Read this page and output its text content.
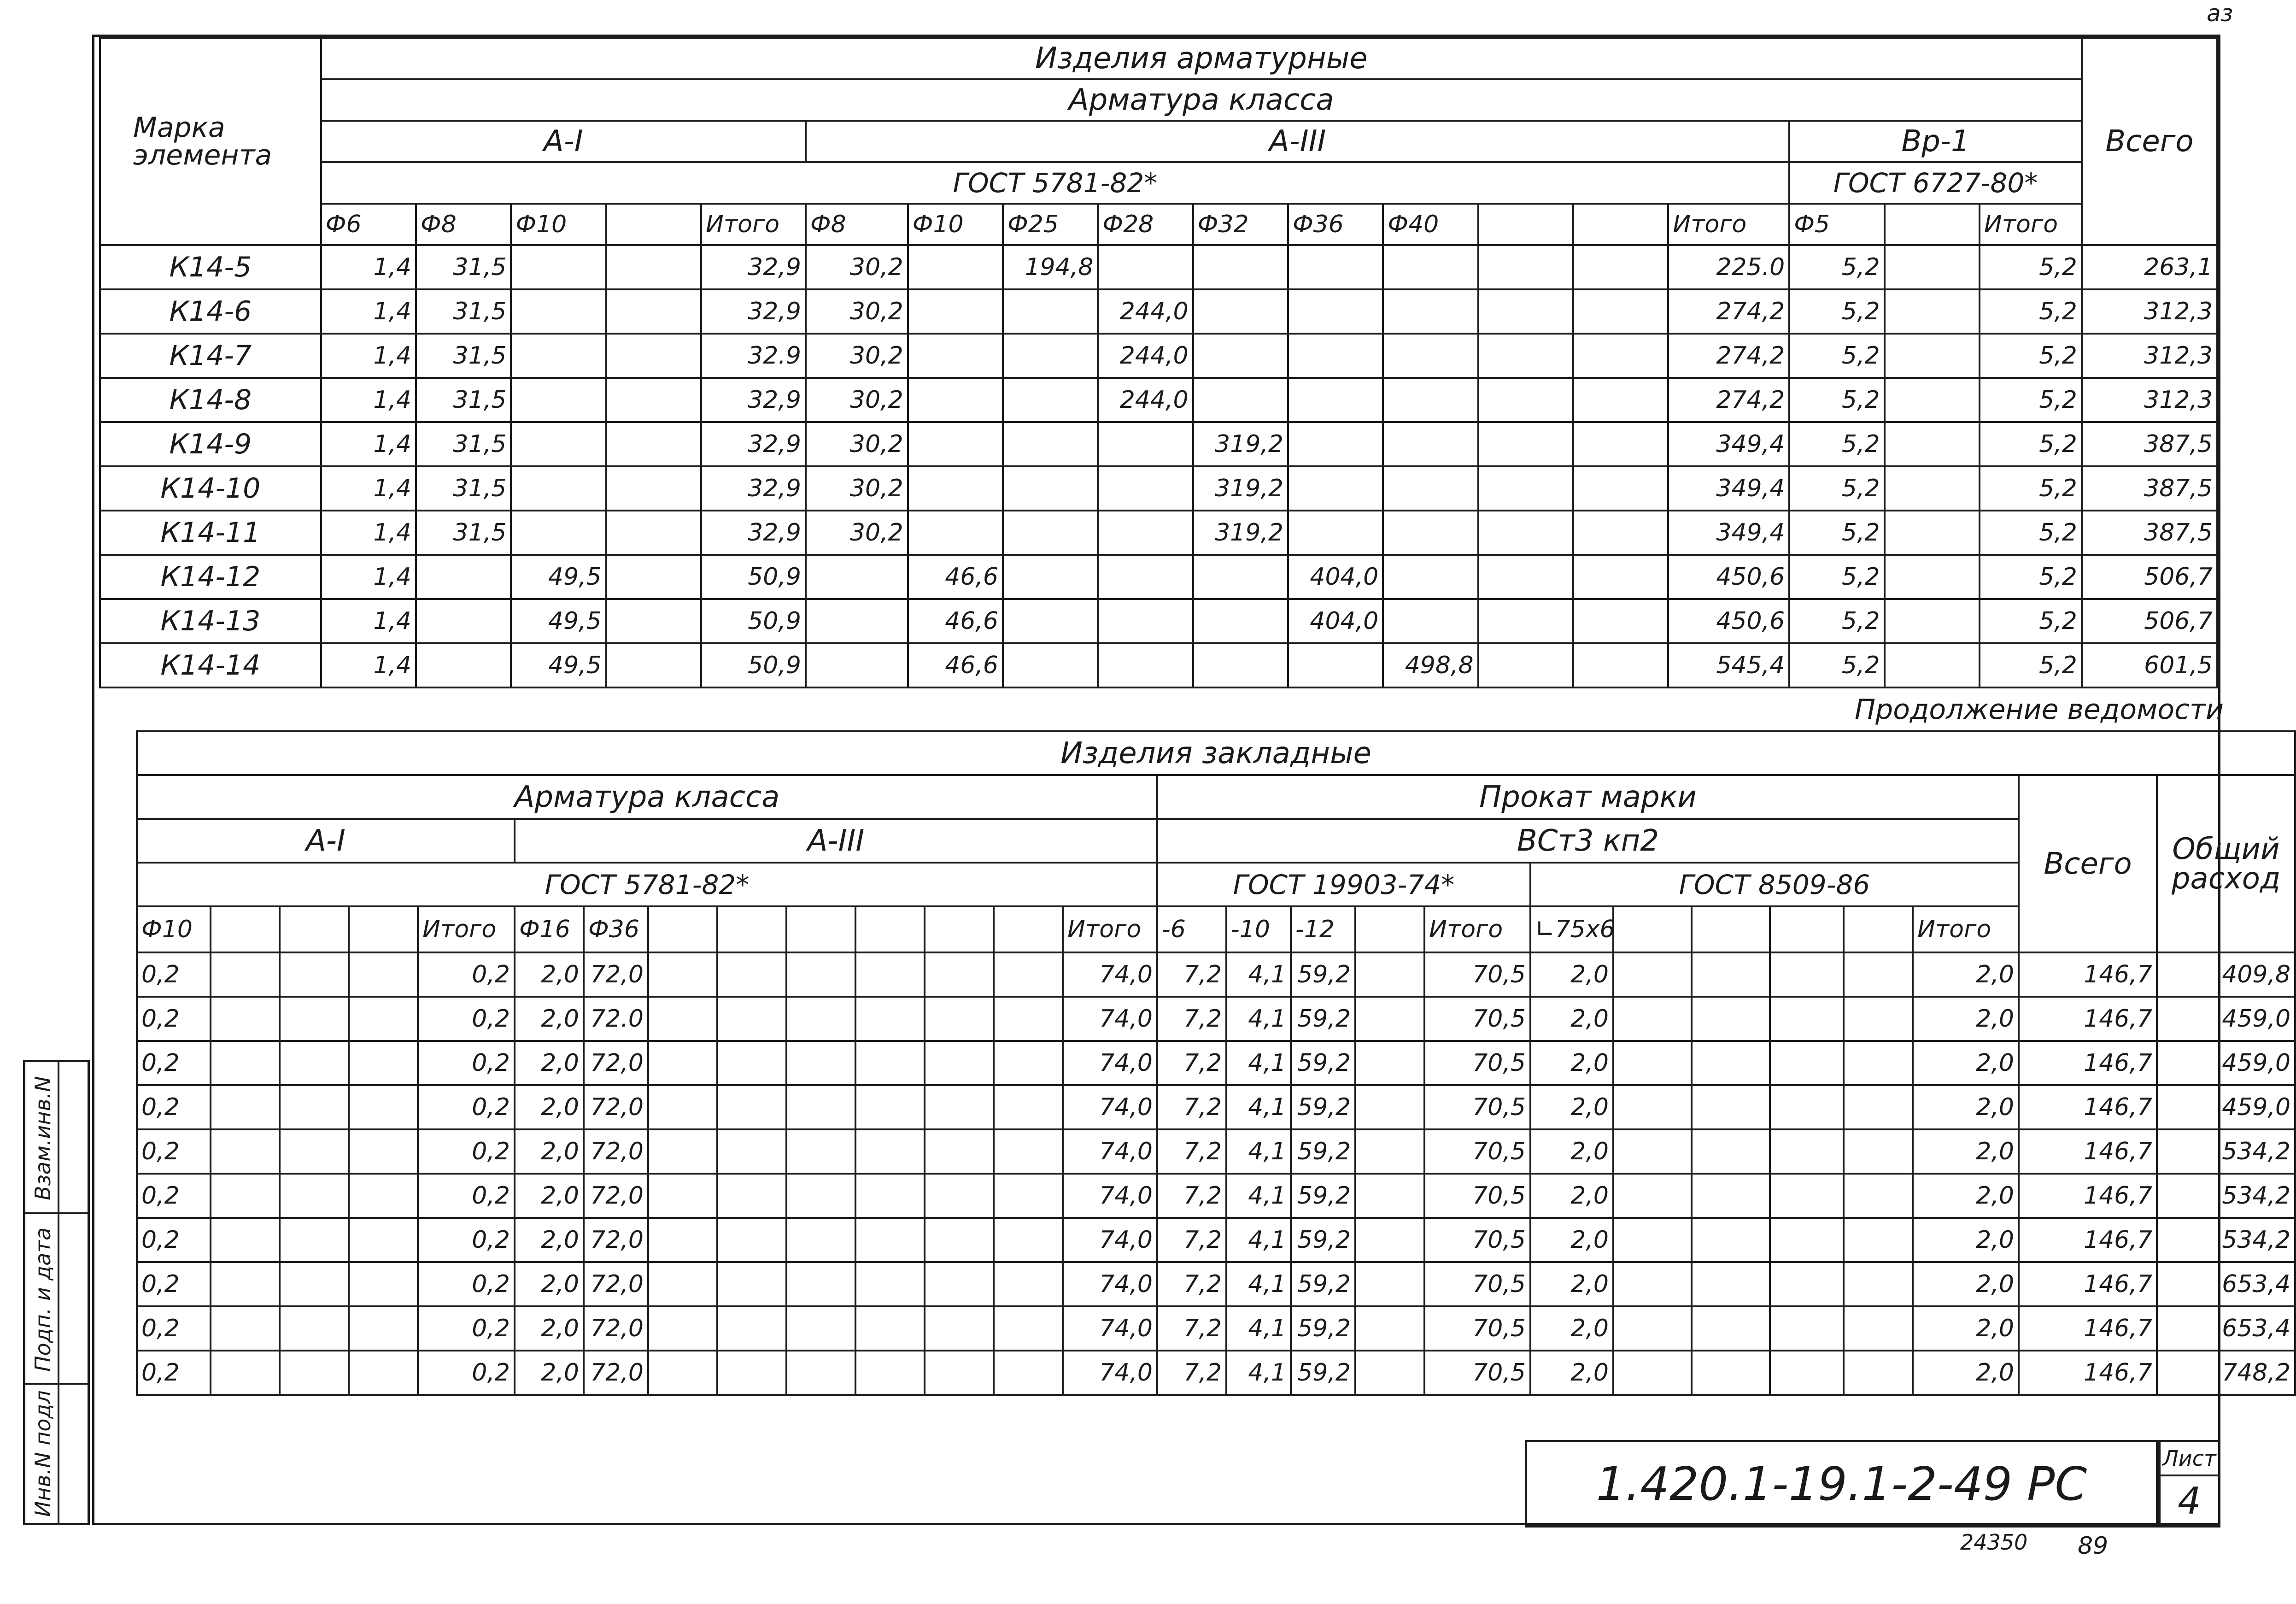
аз
Марка элемента	Изделия арматурные																		Всего
	Арматура класса																		
	А-I					А-III										Вр-1			
	ГОСТ 5781-82*															ГОСТ 6727-80*			
	Ф6	Ф8	Ф10		Итого	Ф8	Ф10	Ф25	Ф28	Ф32	Ф36	Ф40			Итого	Ф5		Итого	
К14-5	1,4	31,5			32,9	30,2		194,8							225.0	5,2		5,2	263,1
К14-6	1,4	31,5			32,9	30,2			244,0						274,2	5,2		5,2	312,3
К14-7	1,4	31,5			32.9	30,2			244,0						274,2	5,2		5,2	312,3
К14-8	1,4	31,5			32,9	30,2			244,0						274,2	5,2		5,2	312,3
К14-9	1,4	31,5			32,9	30,2				319,2					349,4	5,2		5,2	387,5
К14-10	1,4	31,5			32,9	30,2				319,2					349,4	5,2		5,2	387,5
К14-11	1,4	31,5			32,9	30,2				319,2					349,4	5,2		5,2	387,5
К14-12	1,4		49,5		50,9		46,6				404,0				450,6	5,2		5,2	506,7
К14-13	1,4		49,5		50,9		46,6				404,0				450,6	5,2		5,2	506,7
К14-14	1,4		49,5		50,9		46,6					498,8			545,4	5,2		5,2	601,5
Продолжение ведомости
Изделия закладные																										
Арматура класса														Прокат марки											Всего	Общий расход
А-I					А-III									ВСт3 кп2												
ГОСТ 5781-82*														ГОСТ 19903-74*					ГОСТ 8509-86							
Ф10				Итого	Ф16	Ф36							Итого	-6	-10	-12		Итого	∟75х6					Итого		
0,2				0,2	2,0	72,0							74,0	7,2	4,1	59,2		70,5	2,0					2,0	146,7	409,8
0,2				0,2	2,0	72.0							74,0	7,2	4,1	59,2		70,5	2,0					2,0	146,7	459,0
0,2				0,2	2,0	72,0							74,0	7,2	4,1	59,2		70,5	2,0					2,0	146,7	459,0
0,2				0,2	2,0	72,0							74,0	7,2	4,1	59,2		70,5	2,0					2,0	146,7	459,0
0,2				0,2	2,0	72,0							74,0	7,2	4,1	59,2		70,5	2,0					2,0	146,7	534,2
0,2				0,2	2,0	72,0							74,0	7,2	4,1	59,2		70,5	2,0					2,0	146,7	534,2
0,2				0,2	2,0	72,0							74,0	7,2	4,1	59,2		70,5	2,0					2,0	146,7	534,2
0,2				0,2	2,0	72,0							74,0	7,2	4,1	59,2		70,5	2,0					2,0	146,7	653,4
0,2				0,2	2,0	72,0							74,0	7,2	4,1	59,2		70,5	2,0					2,0	146,7	653,4
0,2				0,2	2,0	72,0							74,0	7,2	4,1	59,2		70,5	2,0					2,0	146,7	748,2
Взам.инв.N
Подп. и дата
Инв.N подл	1.420.1-19.1-2-49 РС	Лист
4
24350 89
